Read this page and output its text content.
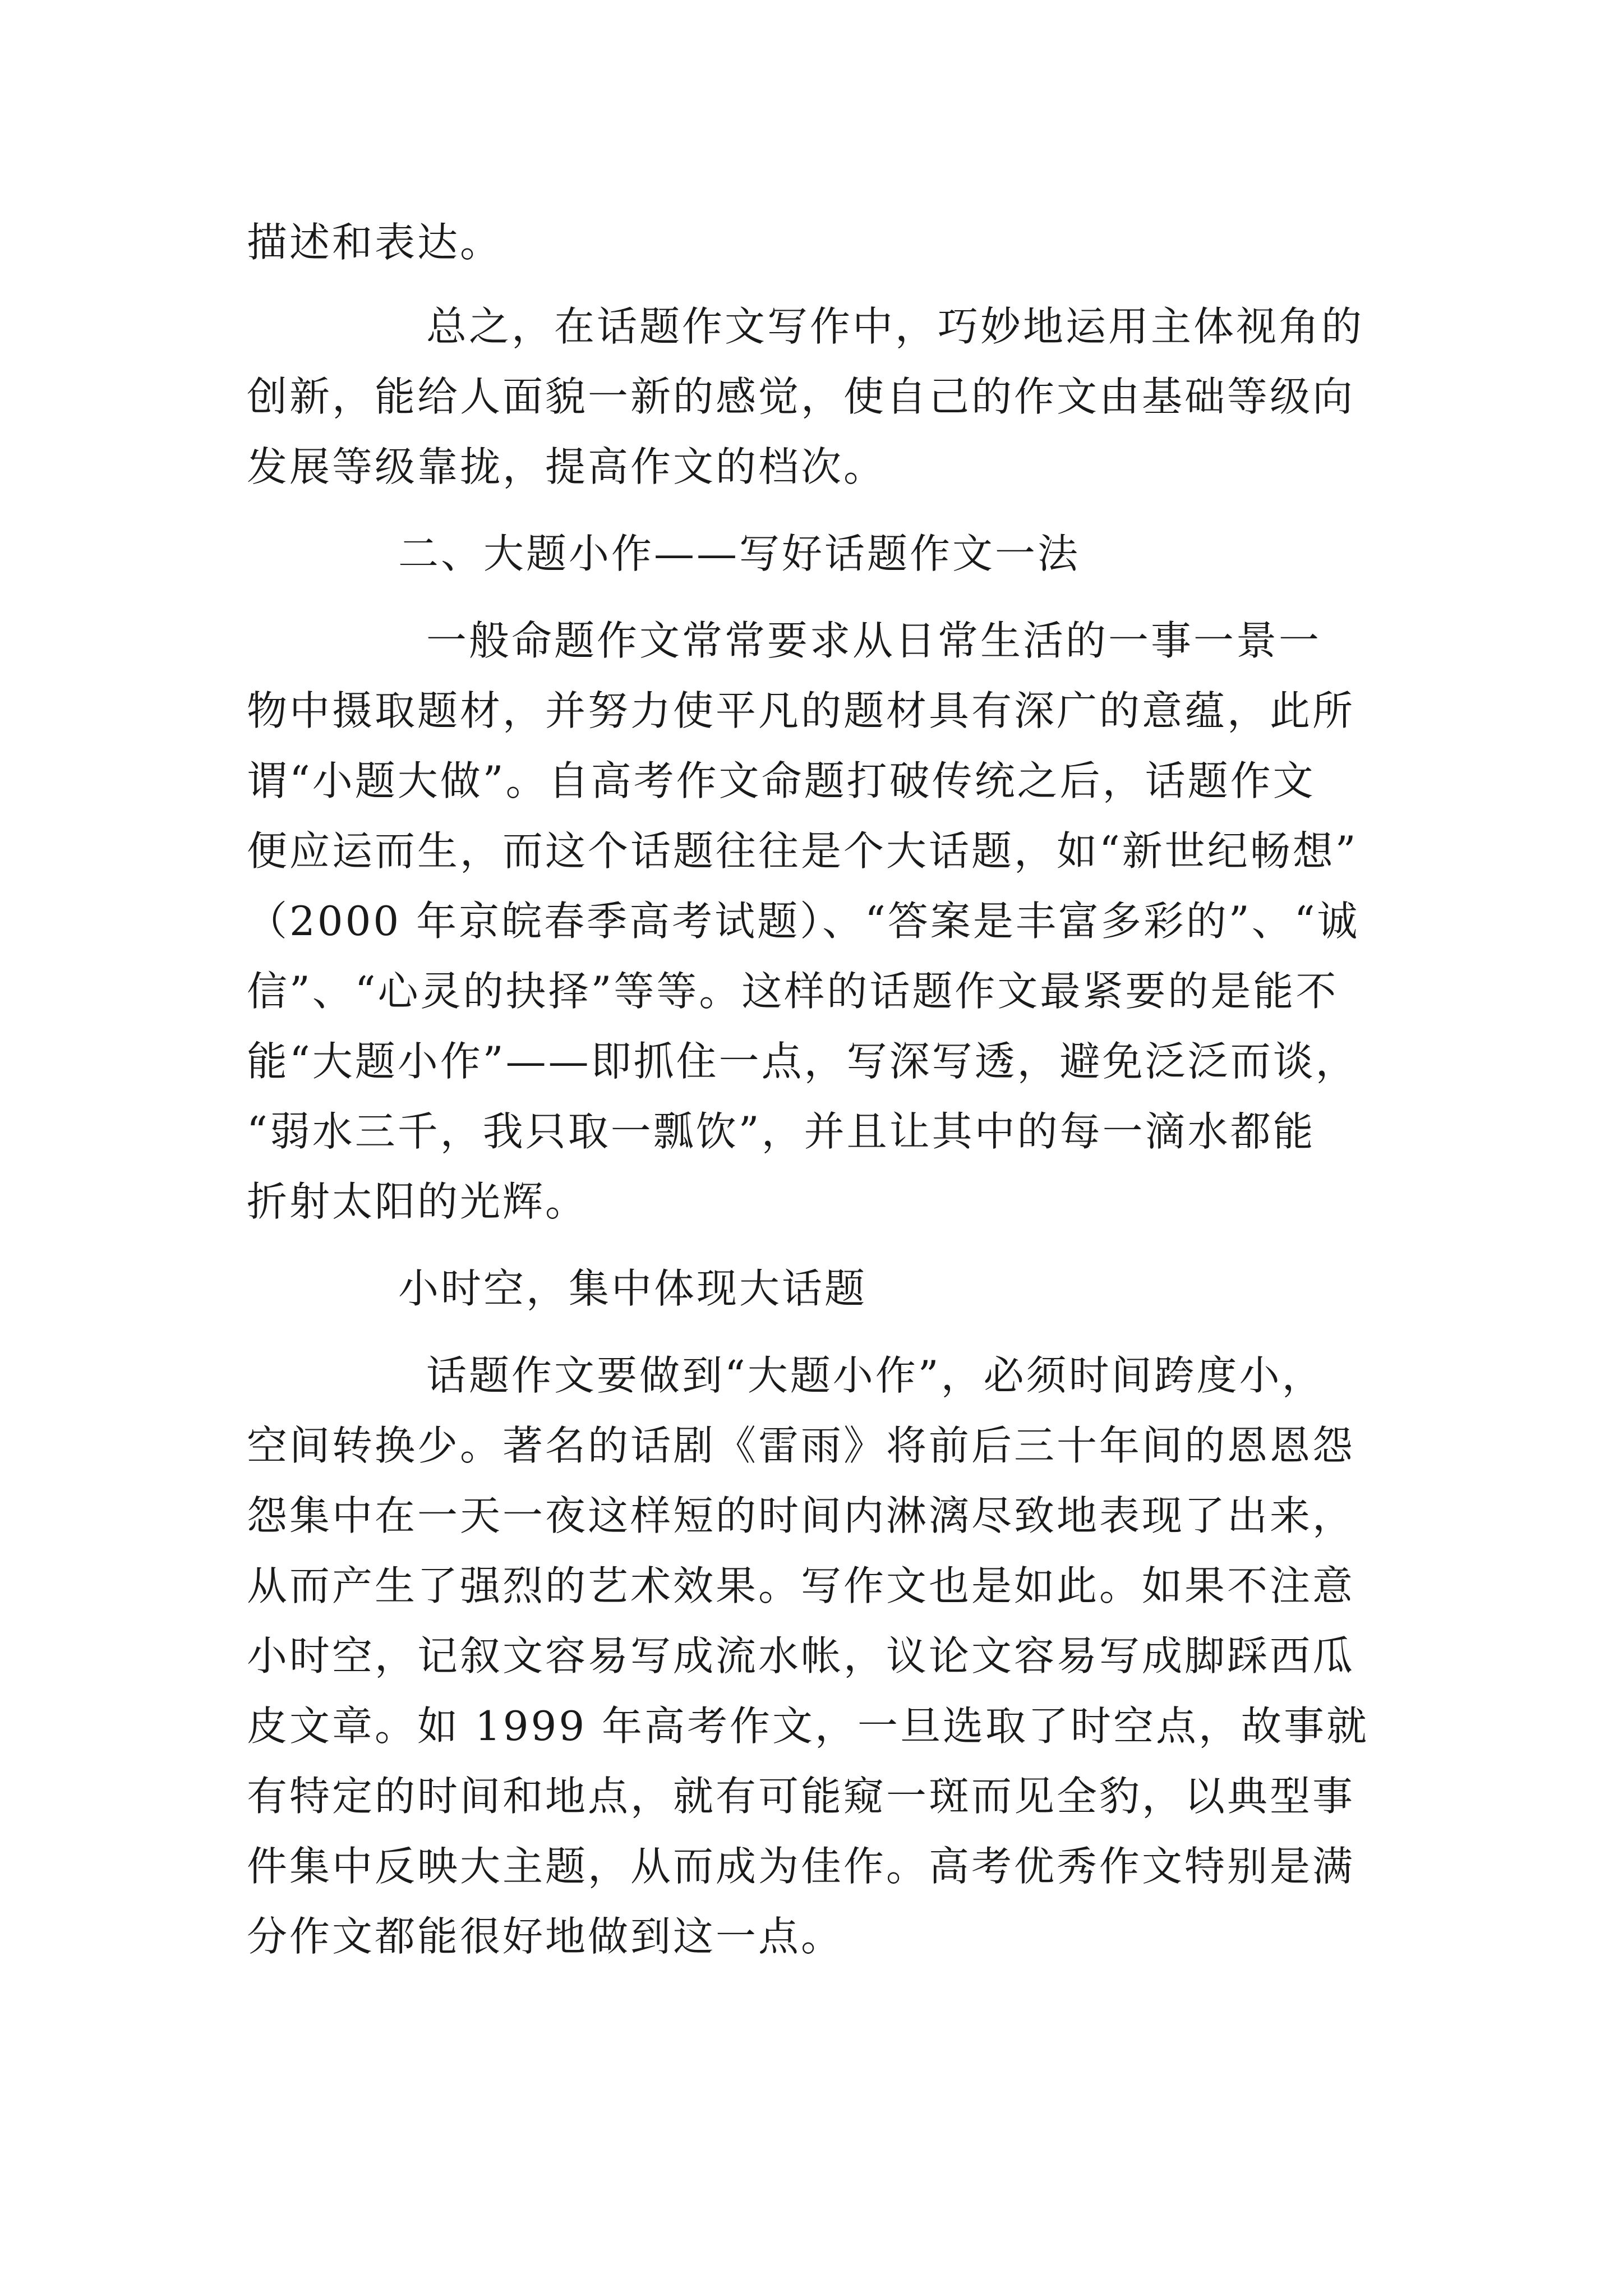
描述和表达。
总之，在话题作文写作中，巧妙地运用主体视角的
创新，能给人面貌一新的感觉，使自己的作文由基础等级向
发展等级靠拢，提高作文的档次。
二、大题小作——写好话题作文一法
一般命题作文常常要求从日常生活的一事一景一
物中摄取题材，并努力使平凡的题材具有深广的意蕴，此所
谓“小题大做”。自高考作文命题打破传统之后，话题作文
便应运而生，而这个话题往往是个大话题，如“新世纪畅想”
（2000 年京皖春季高考试题）、“答案是丰富多彩的”、“诚
信”、“心灵的抉择”等等。这样的话题作文最紧要的是能不
能“大题小作”——即抓住一点，写深写透，避免泛泛而谈，
“弱水三千，我只取一瓢饮”，并且让其中的每一滴水都能
折射太阳的光辉。
小时空，集中体现大话题
话题作文要做到“大题小作”，必须时间跨度小，
空间转换少。著名的话剧《雷雨》将前后三十年间的恩恩怨
怨集中在一天一夜这样短的时间内淋漓尽致地表现了出来，
从而产生了强烈的艺术效果。写作文也是如此。如果不注意
小时空，记叙文容易写成流水帐，议论文容易写成脚踩西瓜
皮文章。如 1999 年高考作文，一旦选取了时空点，故事就
有特定的时间和地点，就有可能窥一斑而见全豹，以典型事
件集中反映大主题，从而成为佳作。高考优秀作文特别是满
分作文都能很好地做到这一点。
